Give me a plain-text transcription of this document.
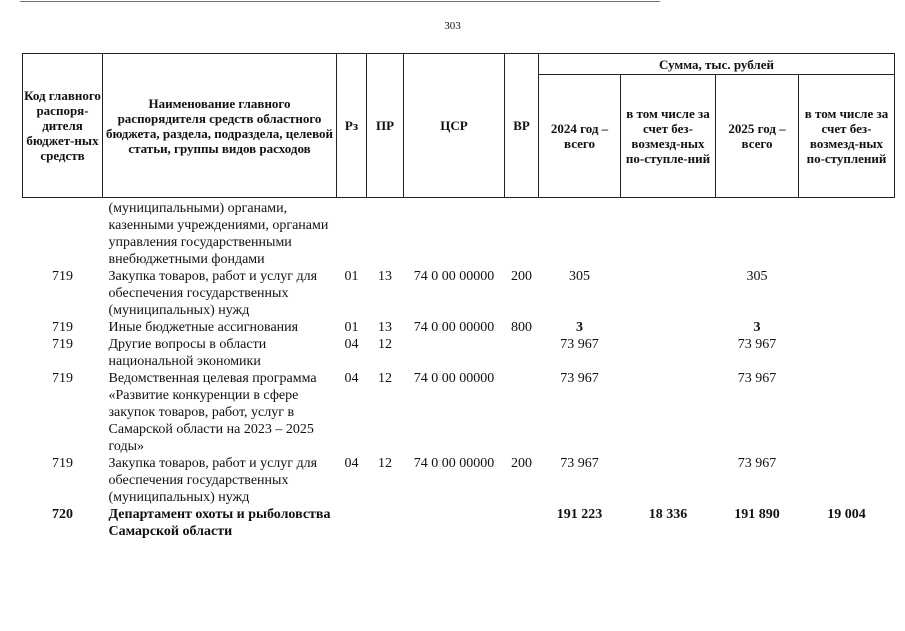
303
Код главного распоря-дителя бюджет-ных средств	Наименование главного распорядителя средств областного бюджета, раздела, подраздела, целевой статьи, группы видов расходов	Рз	ПР	ЦСР	ВР	Сумма, тыс. рублей			
						2024 год – всего	в том числе за счет без-возмезд-ных по-ступле-ний	2025 год – всего	в том числе за счет без-возмезд-ных по-ступлений
	(муниципальными) органами, казенными учреждениями, органами управления государственными внебюджетными фондами								
719	Закупка товаров, работ и услуг для обеспечения государственных (муниципальных) нужд	01	13	74 0 00 00000	200	305		305	
719	Иные бюджетные ассигнования	01	13	74 0 00 00000	800	3		3	
719	Другие вопросы в области национальной экономики	04	12			73 967		73 967	
719	Ведомственная целевая программа «Развитие конкуренции в сфере закупок товаров, работ, услуг в Самарской области на 2023 – 2025 годы»	04	12	74 0 00 00000		73 967		73 967	
719	Закупка товаров, работ и услуг для обеспечения государственных (муниципальных) нужд	04	12	74 0 00 00000	200	73 967		73 967	
720	Департамент охоты и рыболовства Самарской области					191 223	18 336	191 890	19 004
